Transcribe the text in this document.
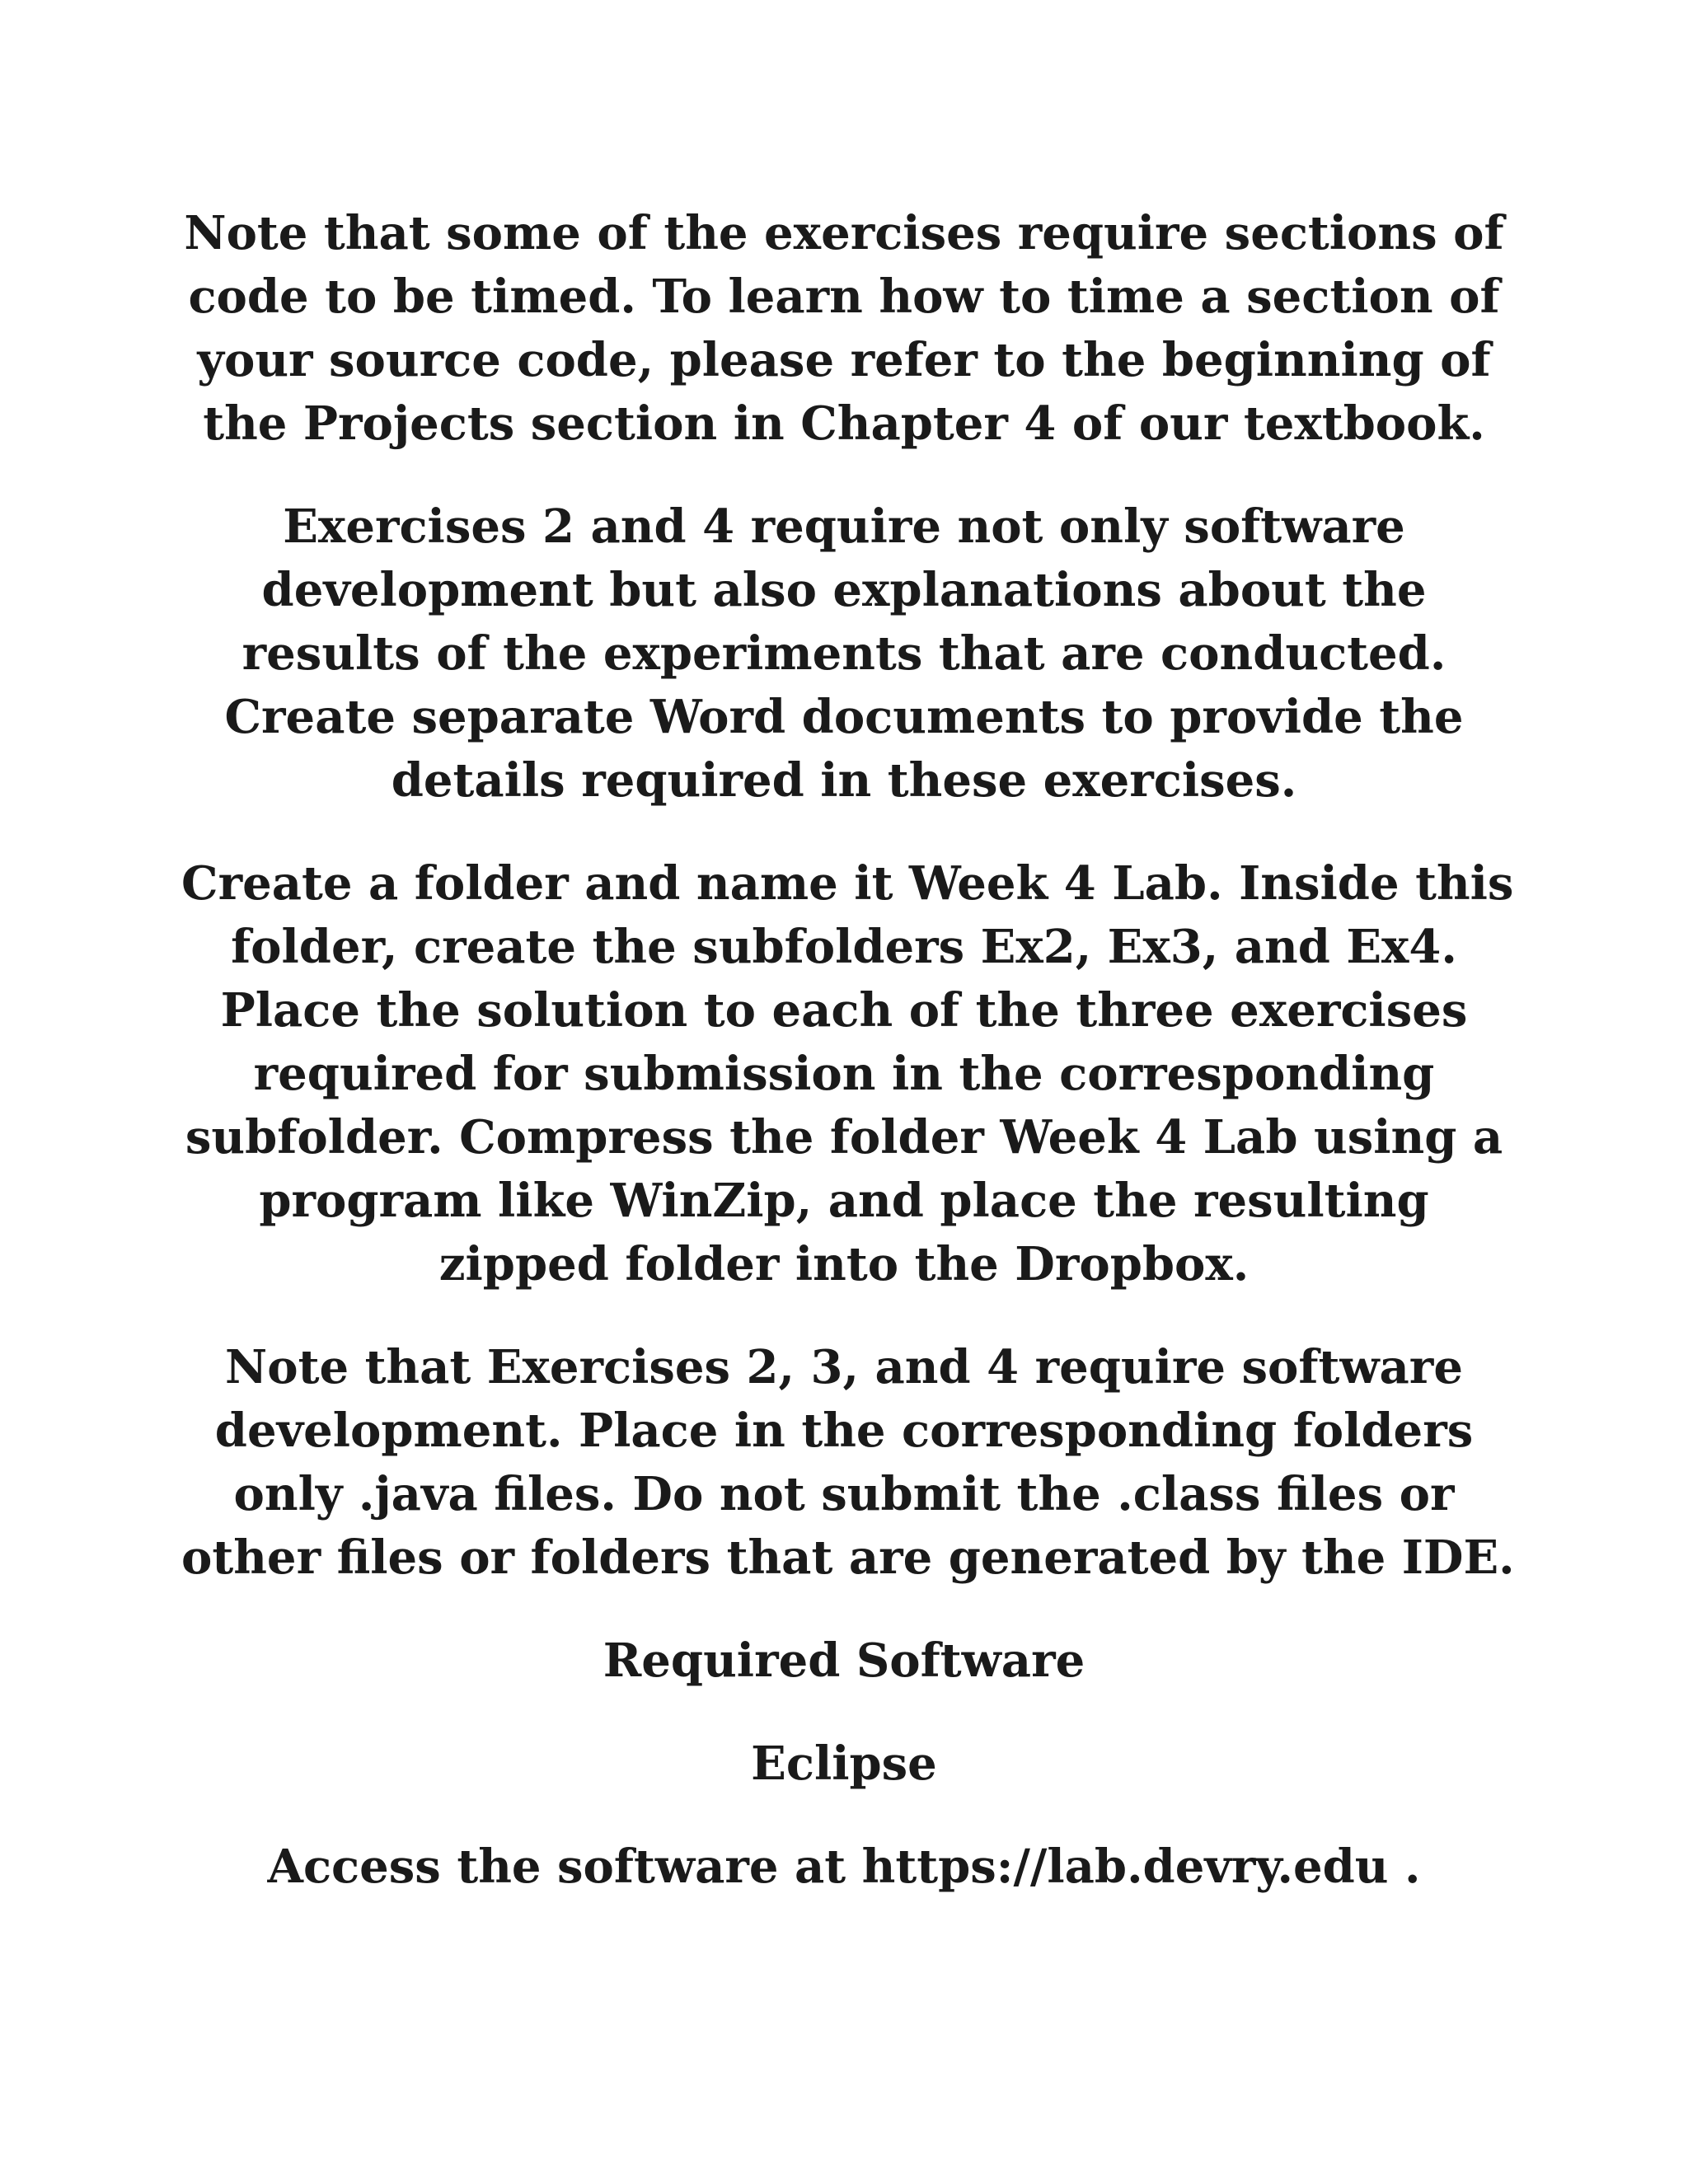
Note that some of the exercises require sections of
code to be timed. To learn how to time a section of
your source code, please refer to the beginning of
the Projects section in Chapter 4 of our textbook.

Exercises 2 and 4 require not only software
development but also explanations about the
results of the experiments that are conducted.
Create separate Word documents to provide the
details required in these exercises.

Create a folder and name it Week 4 Lab. Inside this
folder, create the subfolders Ex2, Ex3, and Ex4.
Place the solution to each of the three exercises
required for submission in the corresponding
subfolder. Compress the folder Week 4 Lab using a
program like WinZip, and place the resulting
zipped folder into the Dropbox.

Note that Exercises 2, 3, and 4 require software
development. Place in the corresponding folders
only .java files. Do not submit the .class files or
other files or folders that are generated by the IDE.

Required Software

Eclipse

Access the software at https://lab.devry.edu .
